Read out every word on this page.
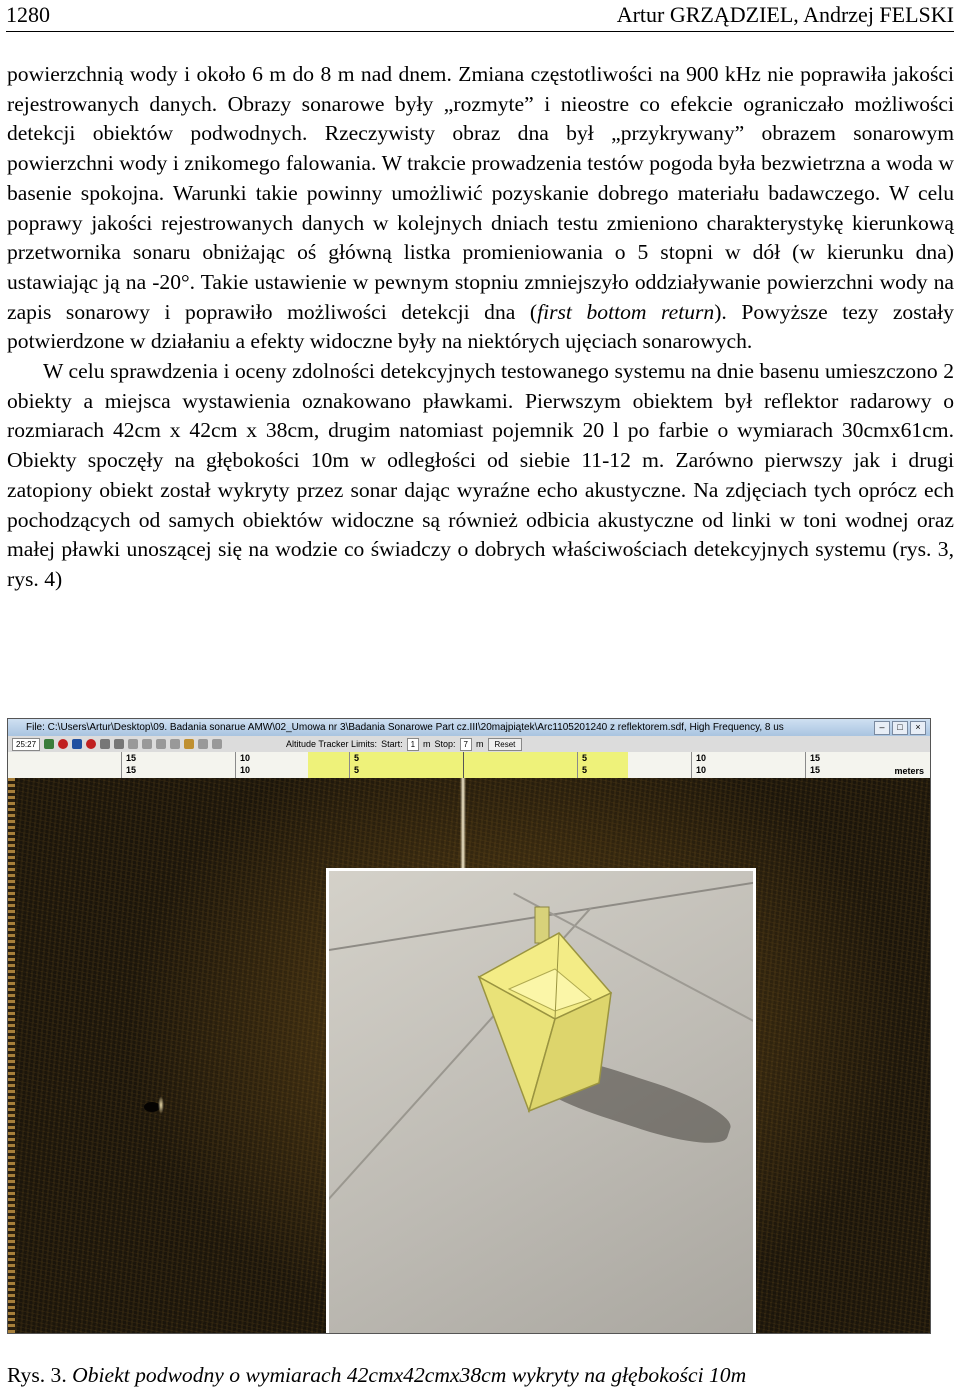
1280	Artur GRZĄDZIEL, Andrzej FELSKI

powierzchnią wody i około 6 m do 8 m nad dnem. Zmiana częstotliwości na 900 kHz nie poprawiła jakości rejestrowanych danych. Obrazy sonarowe były „rozmyte” i nieostre co efekcie ograniczało możliwości detekcji obiektów podwodnych. Rzeczywisty obraz dna był „przykrywany” obrazem sonarowym powierzchni wody i znikomego falowania. W trakcie prowadzenia testów pogoda była bezwietrzna a woda w basenie spokojna. Warunki takie powinny umożliwić pozyskanie dobrego materiału badawczego. W celu poprawy jakości rejestrowanych danych w kolejnych dniach testu zmieniono charakterystykę kierunkową przetwornika sonaru obniżając oś główną listka promieniowania o 5 stopni w dół (w kierunku dna) ustawiając ją na -20°. Takie ustawienie w pewnym stopniu zmniejszyło oddziaływanie powierzchni wody na zapis sonarowy i poprawiło możliwości detekcji dna (first bottom return). Powyższe tezy zostały potwierdzone w działaniu a efekty widoczne były na niektórych ujęciach sonarowych.

W celu sprawdzenia i oceny zdolności detekcyjnych testowanego systemu na dnie basenu umieszczono 2 obiekty a miejsca wystawienia oznakowano pławkami. Pierwszym obiektem był reflektor radarowy o rozmiarach 42cm x 42cm x 38cm, drugim natomiast pojemnik 20 l po farbie o wymiarach 30cmx61cm. Obiekty spoczęły na głębokości 10m w odległości od siebie 11-12 m. Zarówno pierwszy jak i drugi zatopiony obiekt został wykryty przez sonar dając wyraźne echo akustyczne. Na zdjęciach tych oprócz ech pochodzących od samych obiektów widoczne są również odbicia akustyczne od linki w toni wodnej oraz małej pławki unoszącej się na wodzie co świadczy o dobrych właściwościach detekcyjnych systemu (rys. 3, rys. 4)

File: C:\Users\Artur\Desktop\09. Badania sonarue AMW\02_Umowa nr 3\Badania Sonarowe Part cz.III\20majpiątek\Arc1105201240 z reflektorem.sdf, High Frequency, 8 us	–	□	×
25:27	Altitude Tracker Limits: Start:	1 m Stop:	7 m	Reset
15	10	5	5	10	15
15	10	5	5	10	15	meters
Rys. 3. Obiekt podwodny o wymiarach 42cmx42cmx38cm wykryty na głębokości 10m
